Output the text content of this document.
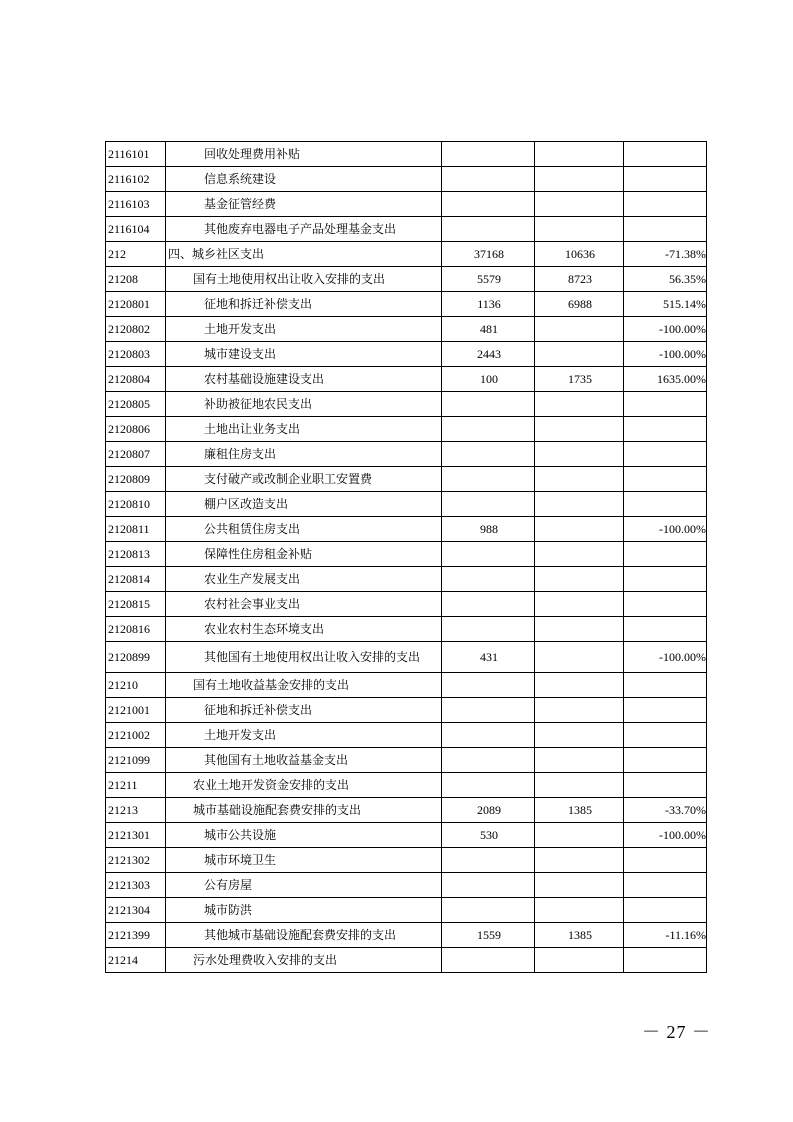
2116101	回收处理费用补贴			
2116102	信息系统建设			
2116103	基金征管经费			
2116104	其他废弃电器电子产品处理基金支出			
212	四、城乡社区支出	37168	10636	-71.38%
21208	国有土地使用权出让收入安排的支出	5579	8723	56.35%
2120801	征地和拆迁补偿支出	1136	6988	515.14%
2120802	土地开发支出	481		-100.00%
2120803	城市建设支出	2443		-100.00%
2120804	农村基础设施建设支出	100	1735	1635.00%
2120805	补助被征地农民支出			
2120806	土地出让业务支出			
2120807	廉租住房支出			
2120809	支付破产或改制企业职工安置费			
2120810	棚户区改造支出			
2120811	公共租赁住房支出	988		-100.00%
2120813	保障性住房租金补贴			
2120814	农业生产发展支出			
2120815	农村社会事业支出			
2120816	农业农村生态环境支出			
2120899	其他国有土地使用权出让收入安排的支出	431		-100.00%
21210	国有土地收益基金安排的支出			
2121001	征地和拆迁补偿支出			
2121002	土地开发支出			
2121099	其他国有土地收益基金支出			
21211	农业土地开发资金安排的支出			
21213	城市基础设施配套费安排的支出	2089	1385	-33.70%
2121301	城市公共设施	530		-100.00%
2121302	城市环境卫生			
2121303	公有房屋			
2121304	城市防洪			
2121399	其他城市基础设施配套费安排的支出	1559	1385	-11.16%
21214	污水处理费收入安排的支出			
－ 27 －
